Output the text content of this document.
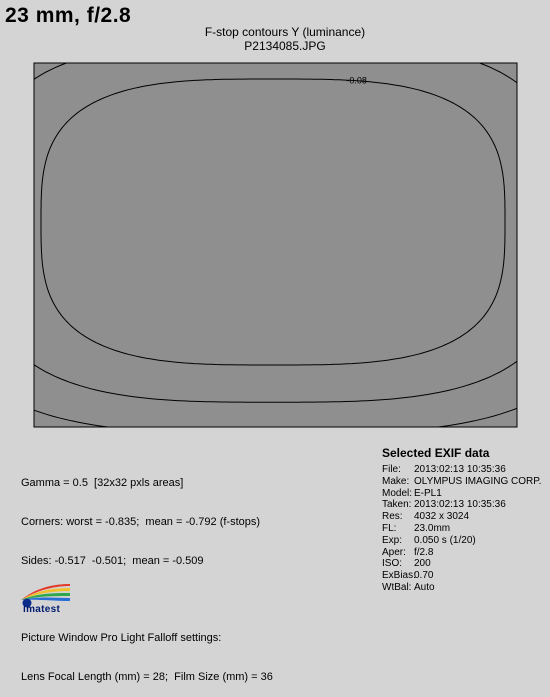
23 mm, f/2.8
F-stop contours Y (luminance)
P2134085.JPG
-0.08

Gamma = 0.5  [32x32 pxls areas]

Corners: worst = -0.835;  mean = -0.792 (f-stops)

Sides: -0.517  -0.501;  mean = -0.509

Picture Window Pro Light Falloff settings:

Lens Focal Length (mm) = 28;  Film Size (mm) = 36

Selected EXIF data
File: 2013:02:13 10:35:36
Make: OLYMPUS IMAGING CORP.
Model: E-PL1
Taken: 2013:02:13 10:35:36
Res: 4032 x 3024
FL: 23.0mm
Exp: 0.050 s (1/20)
Aper: f/2.8
ISO: 200
ExBias:0.70
WtBal: Auto
imatest
